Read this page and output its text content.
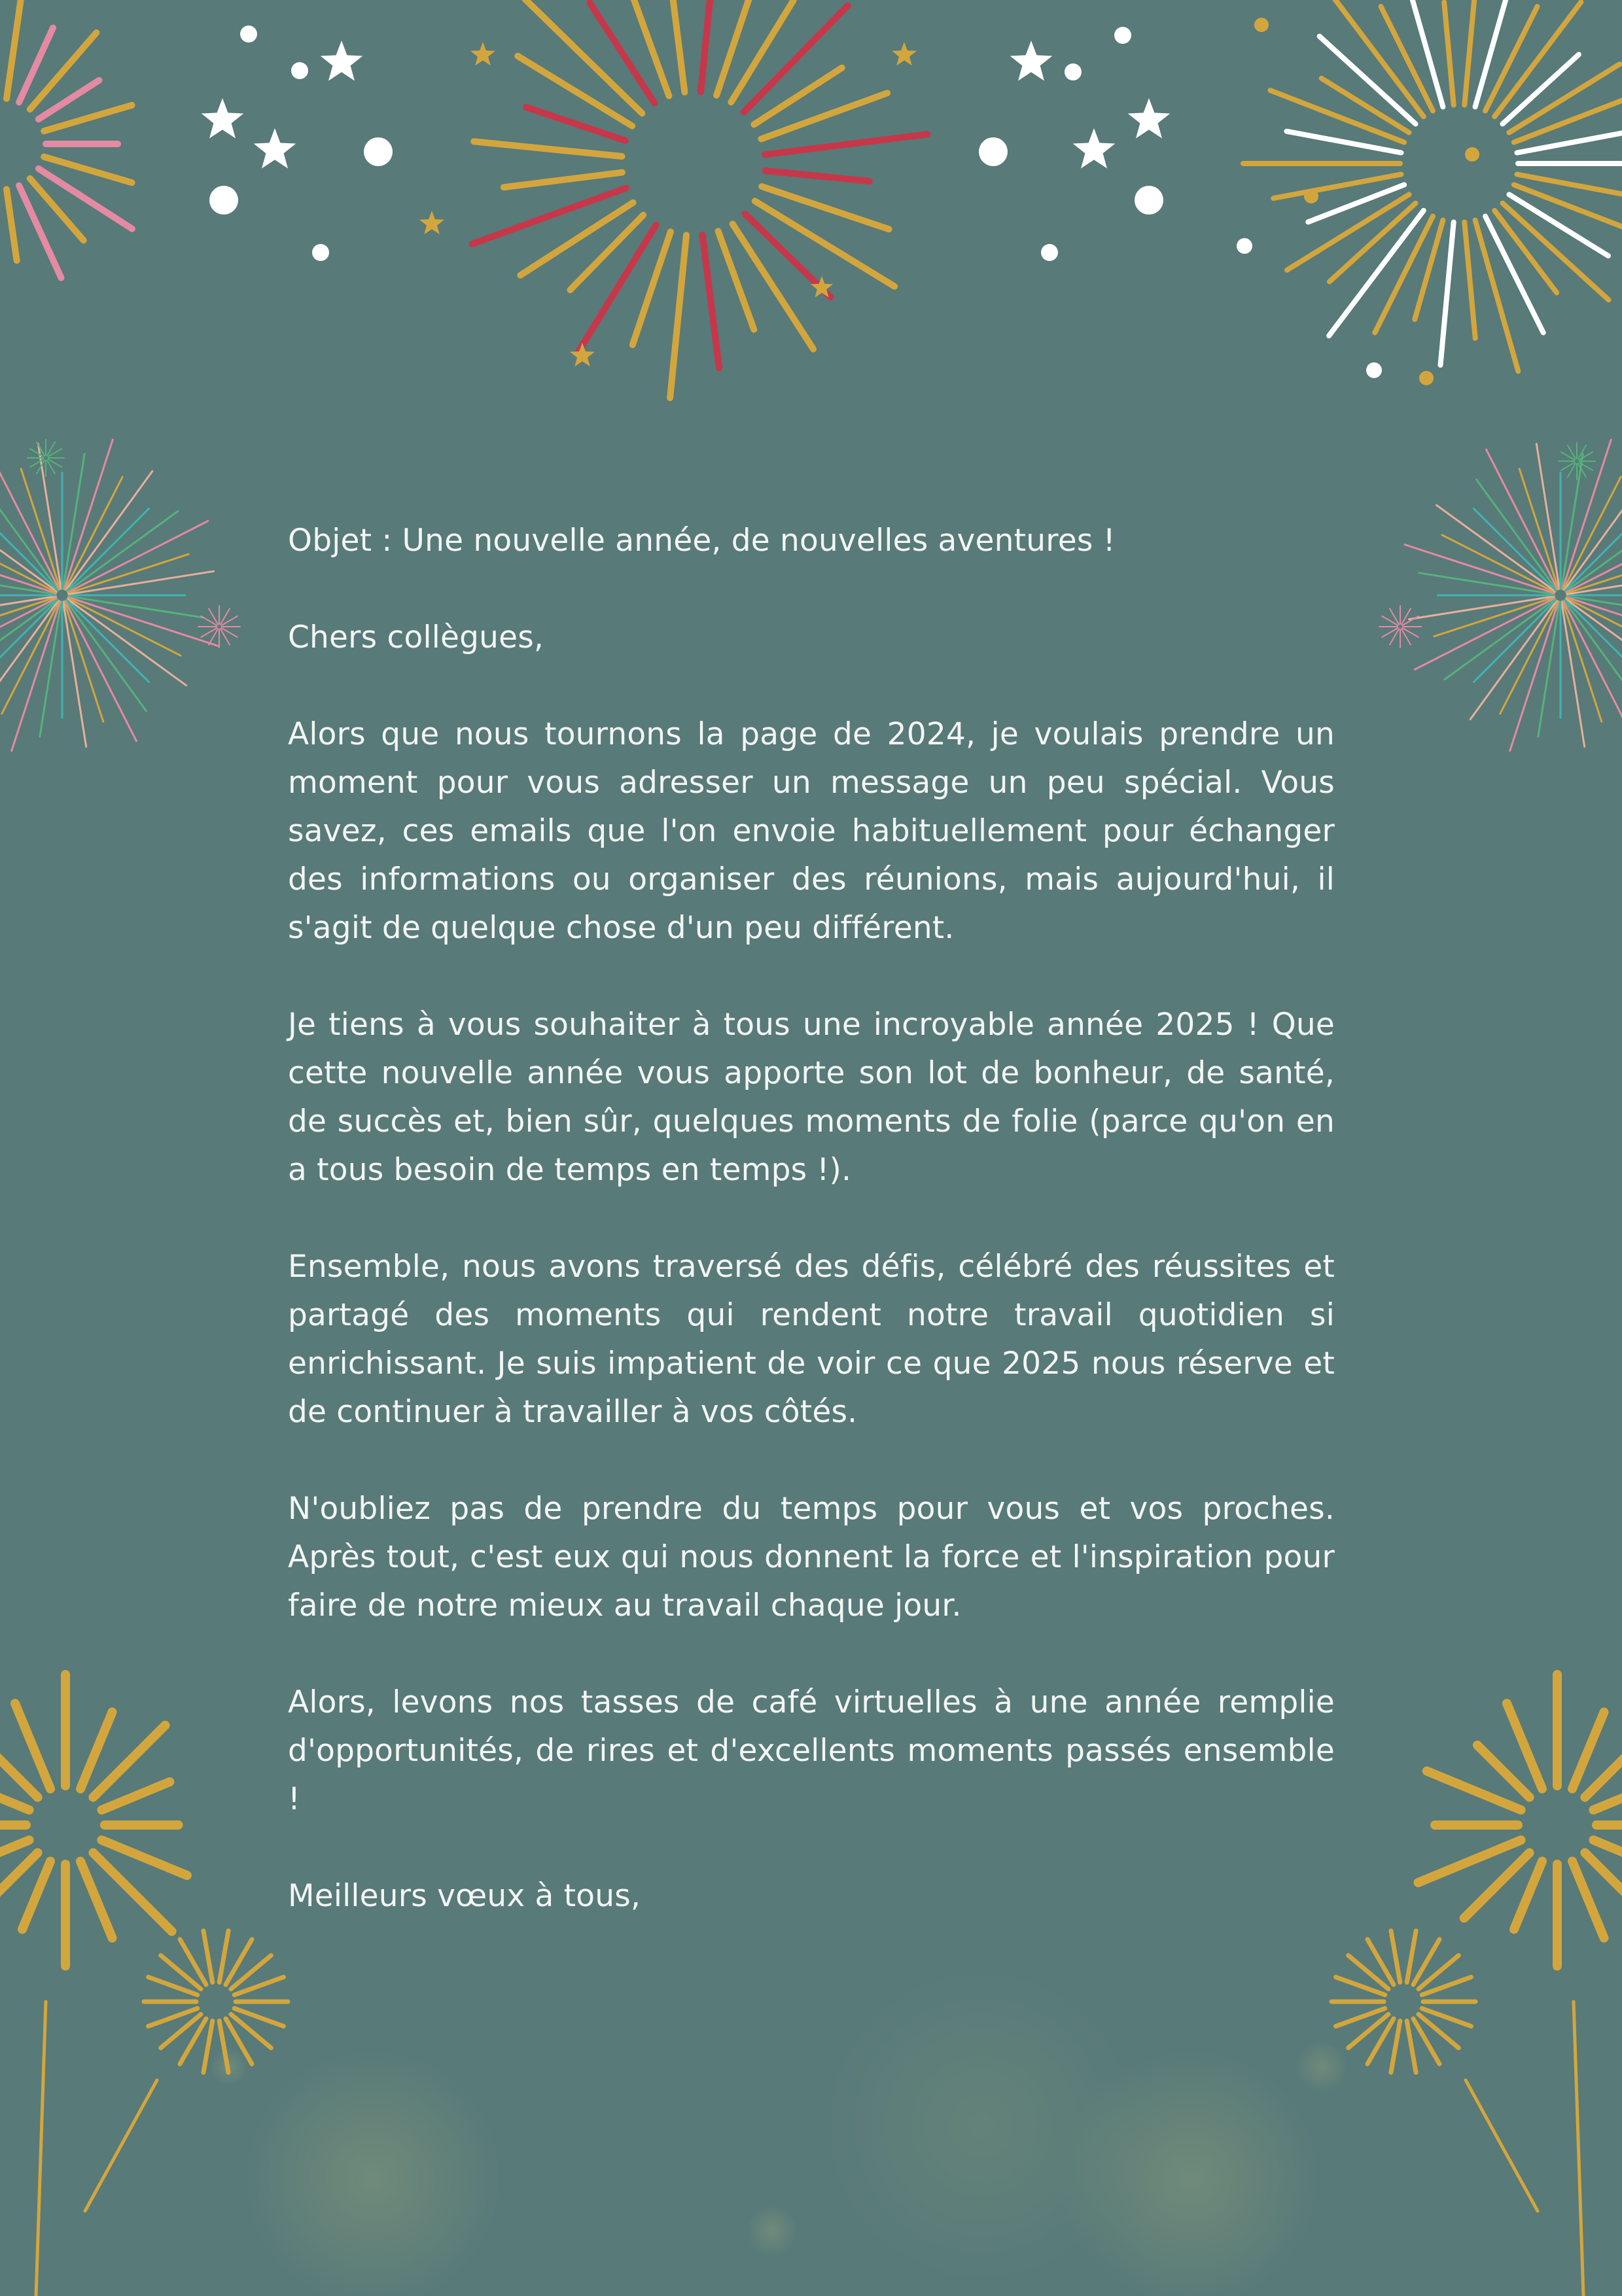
Objet : Une nouvelle année, de nouvelles aventures !

Chers collègues,

Alors que nous tournons la page de 2024, je voulais prendre un moment pour vous adresser un message un peu spécial. Vous savez, ces emails que l'on envoie habituellement pour échanger des informations ou organiser des réunions, mais aujourd'hui, il s'agit de quelque chose d'un peu différent.

Je tiens à vous souhaiter à tous une incroyable année 2025 ! Que cette nouvelle année vous apporte son lot de bonheur, de santé, de succès et, bien sûr, quelques moments de folie (parce qu'on en a tous besoin de temps en temps !).

Ensemble, nous avons traversé des défis, célébré des réussites et partagé des moments qui rendent notre travail quotidien si enrichissant. Je suis impatient de voir ce que 2025 nous réserve et de continuer à travailler à vos côtés.

N'oubliez pas de prendre du temps pour vous et vos proches. Après tout, c'est eux qui nous donnent la force et l'inspiration pour faire de notre mieux au travail chaque jour.

Alors, levons nos tasses de café virtuelles à une année remplie d'opportunités, de rires et d'excellents moments passés ensemble !

Meilleurs vœux à tous,
